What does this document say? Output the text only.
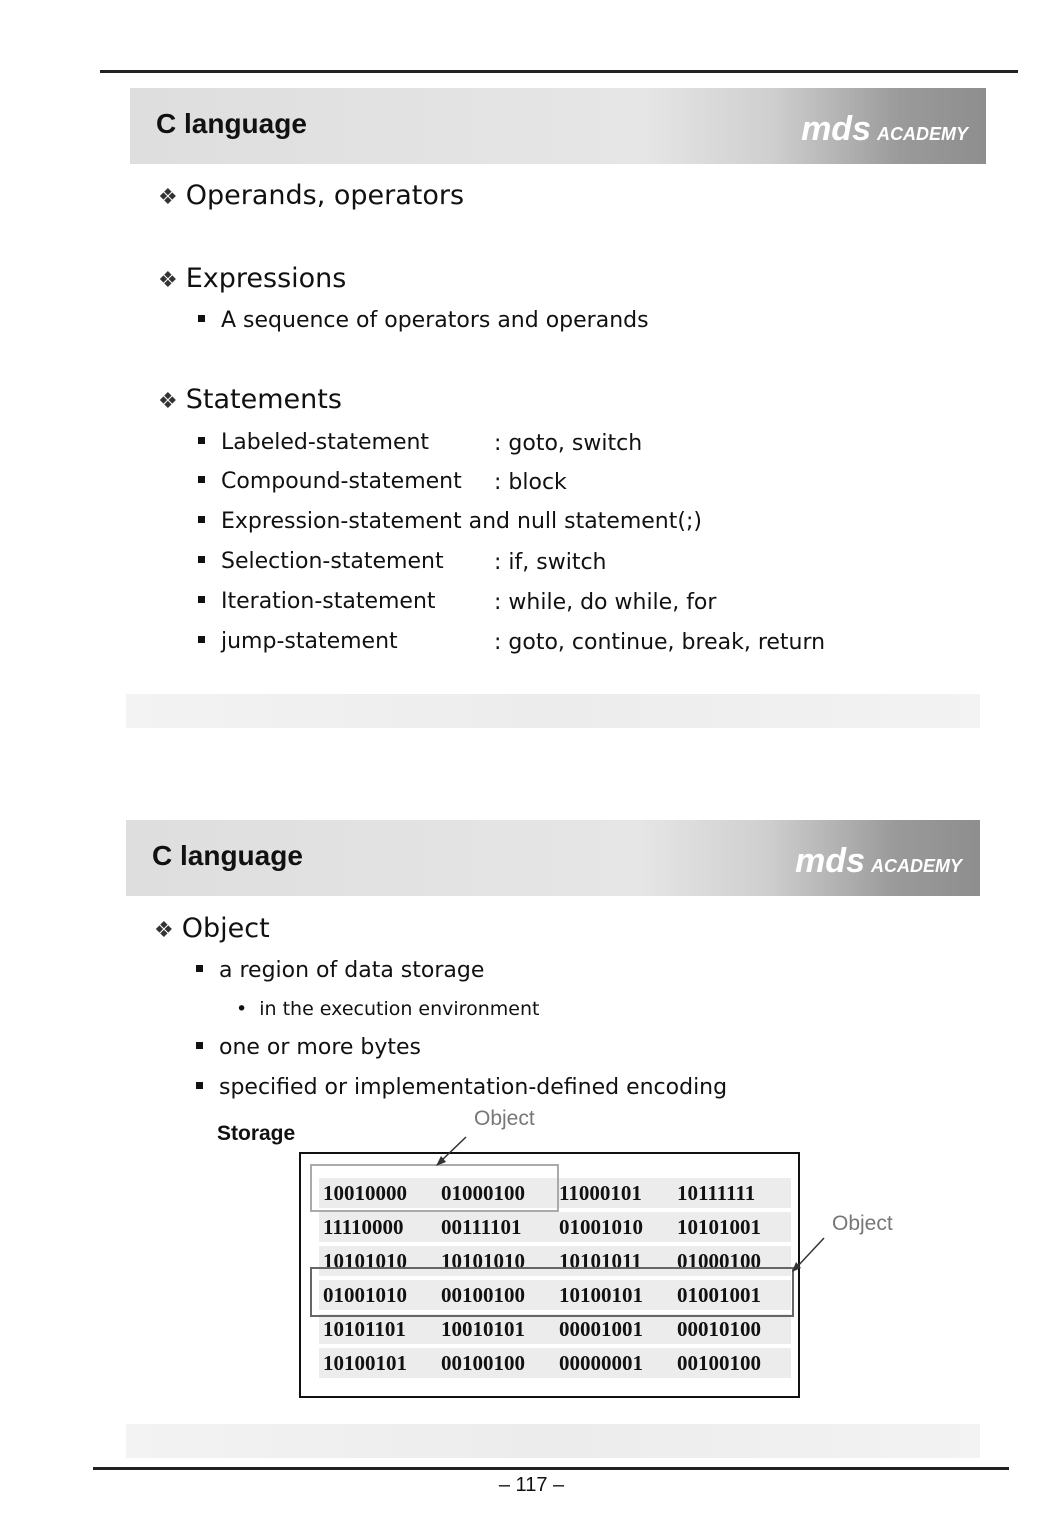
C language	mds ACADEMY
❖ Operands, operators
❖ Expressions
A sequence of operators and operands
❖ Statements
Labeled-statement	: goto, switch
Compound-statement : block
Expression-statement and null statement(;)
Selection-statement : if, switch
Iteration-statement	: while, do while, for
jump-statement	: goto, continue, break, return
C language	mds ACADEMY
❖ Object
a region of data storage
• in the execution environment
one or more bytes
specified or implementation-defined encoding
Storage
Object
Object
10010000	01000100	11000101	10111111
11110000	00111101	01001010	10101001
10101010	10101010	10101011	01000100
01001010	00100100	10100101	01001001
10101101	10010101	00001001	00010100
10100101	00100100	00000001	00100100
– 117 –
